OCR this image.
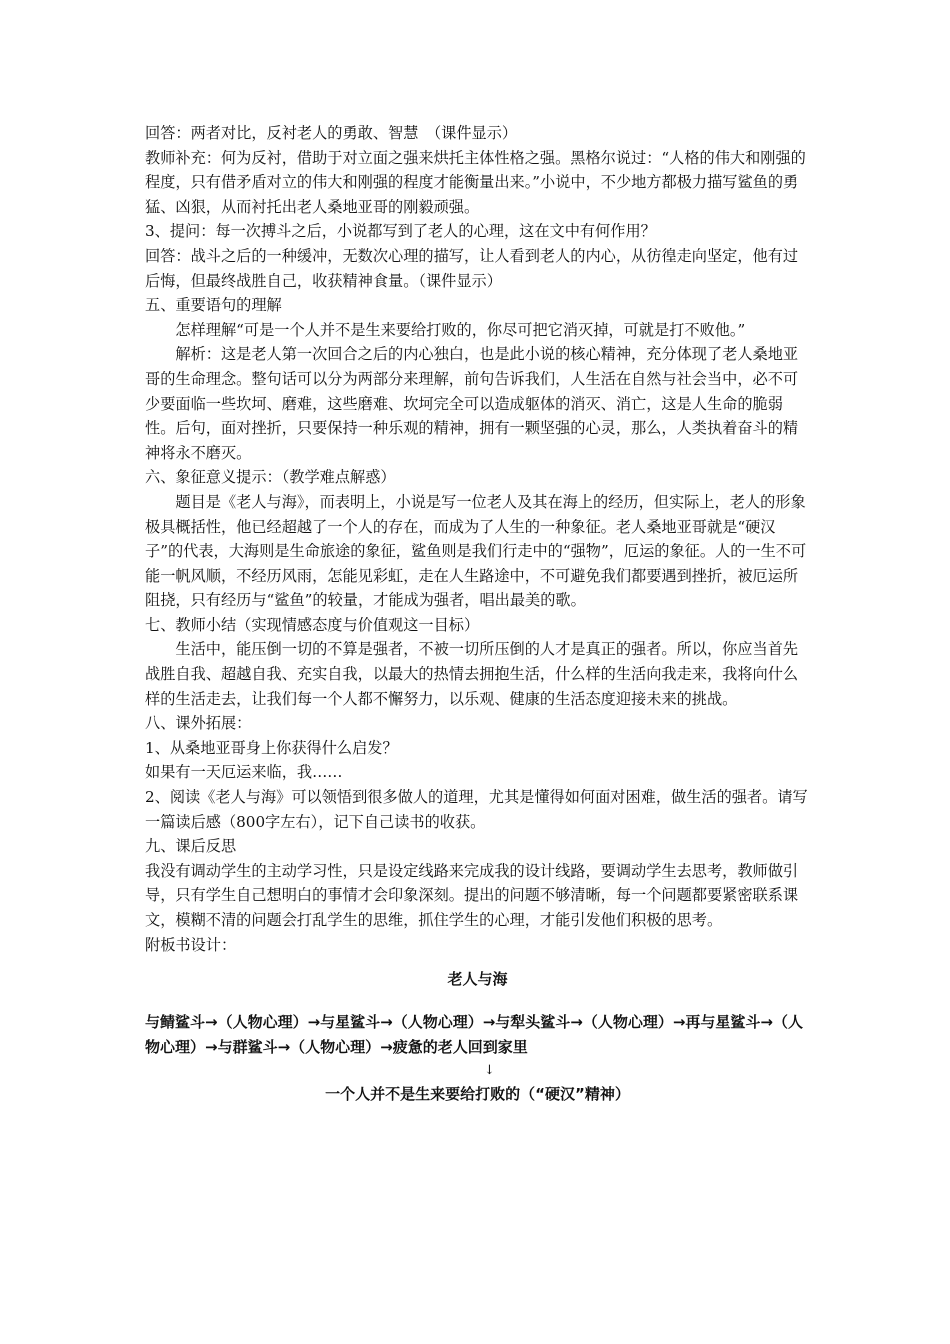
回答：两者对比，反衬老人的勇敢、智慧　（课件显示）

教师补充：何为反衬，借助于对立面之强来烘托主体性格之强。黑格尔说过：“人格的伟大和刚强的程度，只有借矛盾对立的伟大和刚强的程度才能衡量出来。”小说中，不少地方都极力描写鲨鱼的勇猛、凶狠，从而衬托出老人桑地亚哥的刚毅顽强。

3、提问：每一次搏斗之后，小说都写到了老人的心理，这在文中有何作用？

回答：战斗之后的一种缓冲，无数次心理的描写，让人看到老人的内心，从彷徨走向坚定，他有过后悔，但最终战胜自己，收获精神食量。（课件显示）

五、重要语句的理解

怎样理解“可是一个人并不是生来要给打败的，你尽可把它消灭掉，可就是打不败他。”

解析：这是老人第一次回合之后的内心独白，也是此小说的核心精神，充分体现了老人桑地亚哥的生命理念。整句话可以分为两部分来理解，前句告诉我们，人生活在自然与社会当中，必不可少要面临一些坎坷、磨难，这些磨难、坎坷完全可以造成躯体的消灭、消亡，这是人生命的脆弱性。后句，面对挫折，只要保持一种乐观的精神，拥有一颗坚强的心灵，那么，人类执着奋斗的精神将永不磨灭。

六、象征意义提示：（教学难点解惑）

题目是《老人与海》，而表明上，小说是写一位老人及其在海上的经历，但实际上，老人的形象极具概括性，他已经超越了一个人的存在，而成为了人生的一种象征。老人桑地亚哥就是“硬汉子”的代表，大海则是生命旅途的象征，鲨鱼则是我们行走中的“强物”，厄运的象征。人的一生不可能一帆风顺，不经历风雨，怎能见彩虹，走在人生路途中，不可避免我们都要遇到挫折，被厄运所阻挠，只有经历与“鲨鱼”的较量，才能成为强者，唱出最美的歌。

七、教师小结（实现情感态度与价值观这一目标）

生活中，能压倒一切的不算是强者，不被一切所压倒的人才是真正的强者。所以，你应当首先战胜自我、超越自我、充实自我，以最大的热情去拥抱生活，什么样的生活向我走来，我将向什么样的生活走去，让我们每一个人都不懈努力，以乐观、健康的生活态度迎接未来的挑战。

八、课外拓展：

1、从桑地亚哥身上你获得什么启发？

如果有一天厄运来临，我……

2、阅读《老人与海》可以领悟到很多做人的道理，尤其是懂得如何面对困难，做生活的强者。请写一篇读后感（800字左右），记下自己读书的收获。

九、课后反思

我没有调动学生的主动学习性，只是设定线路来完成我的设计线路，要调动学生去思考，教师做引导，只有学生自己想明白的事情才会印象深刻。提出的问题不够清晰，每一个问题都要紧密联系课文，模糊不清的问题会打乱学生的思维，抓住学生的心理，才能引发他们积极的思考。

附板书设计：

老人与海
与鲭鲨斗→（人物心理）→与星鲨斗→（人物心理）→与犁头鲨斗→（人物心理）→再与星鲨斗→（人物心理）→与群鲨斗→（人物心理）→疲惫的老人回到家里
↓
一个人并不是生来要给打败的（“硬汉”精神）
